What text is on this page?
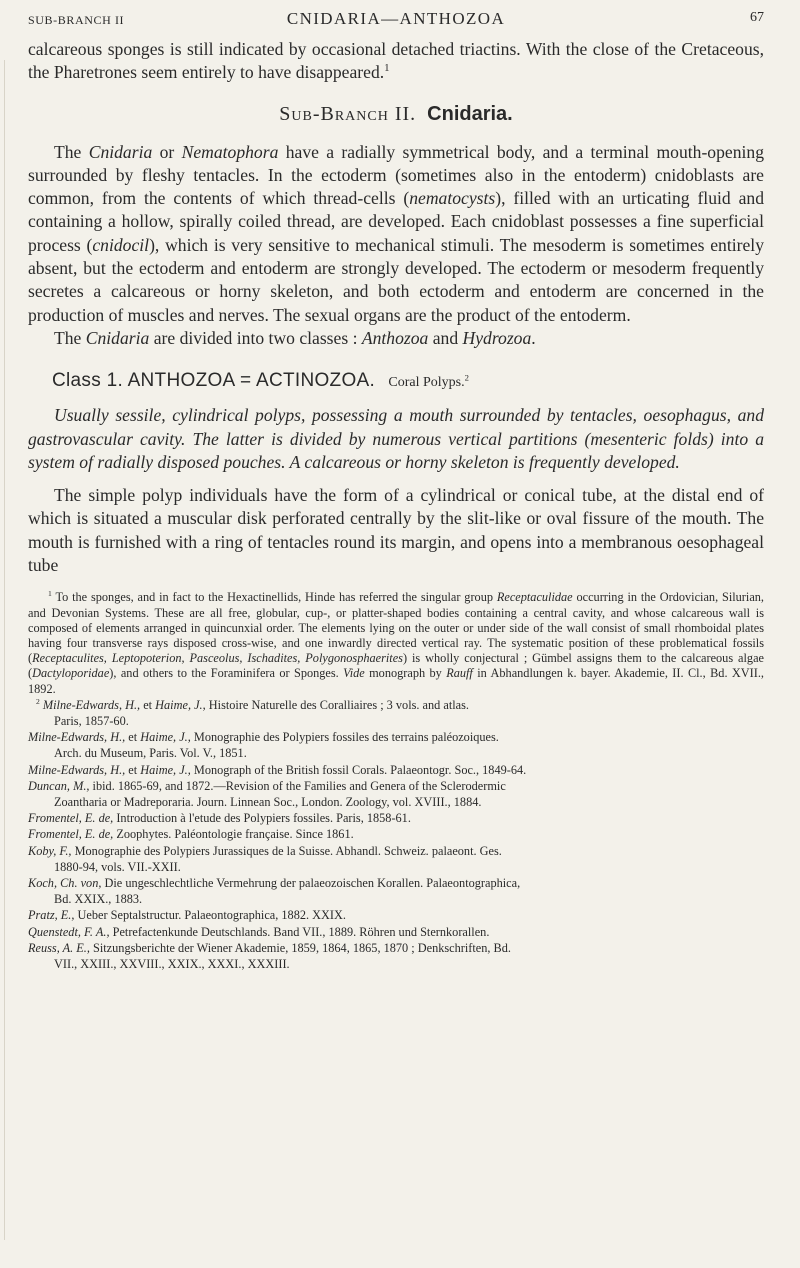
SUB-BRANCH II	CNIDARIA—ANTHOZOA	67

calcareous sponges is still indicated by occasional detached triactins. With the close of the Cretaceous, the Pharetrones seem entirely to have disappeared.$^1$

Sub-Branch II. Cnidaria.

The Cnidaria or Nematophora have a radially symmetrical body, and a terminal mouth-opening surrounded by fleshy tentacles. In the ectoderm (sometimes also in the entoderm) cnidoblasts are common, from the contents of which thread-cells (nematocysts), filled with an urticating fluid and containing a hollow, spirally coiled thread, are developed. Each cnidoblast possesses a fine superficial process (cnidocil), which is very sensitive to mechanical stimuli. The mesoderm is sometimes entirely absent, but the ectoderm and entoderm are strongly developed. The ectoderm or mesoderm frequently secretes a calcareous or horny skeleton, and both ectoderm and entoderm are concerned in the production of muscles and nerves. The sexual organs are the product of the entoderm.

The Cnidaria are divided into two classes : Anthozoa and Hydrozoa.

Class 1. ANTHOZOA = ACTINOZOA. Coral Polyps.$^2$

Usually sessile, cylindrical polyps, possessing a mouth surrounded by tentacles, oesophagus, and gastrovascular cavity. The latter is divided by numerous vertical partitions (mesenteric folds) into a system of radially disposed pouches. A calcareous or horny skeleton is frequently developed.

The simple polyp individuals have the form of a cylindrical or conical tube, at the distal end of which is situated a muscular disk perforated centrally by the slit-like or oval fissure of the mouth. The mouth is furnished with a ring of tentacles round its margin, and opens into a membranous oesophageal tube

$^1$ To the sponges, and in fact to the Hexactinellids, Hinde has referred the singular group Receptaculidae occurring in the Ordovician, Silurian, and Devonian Systems. These are all free, globular, cup-, or platter-shaped bodies containing a central cavity, and whose calcareous wall is composed of elements arranged in quincunxial order. The elements lying on the outer or under side of the wall consist of small rhomboidal plates having four transverse rays disposed cross-wise, and one inwardly directed vertical ray. The systematic position of these problematical fossils (Receptaculites, Leptopoterion, Pasceolus, Ischadites, Polygonosphaerites) is wholly conjectural ; Gümbel assigns them to the calcareous algae (Dactyloporidae), and others to the Foraminifera or Sponges. Vide monograph by Rauff in Abhandlungen k. bayer. Akademie, II. Cl., Bd. XVII., 1892.

$^2$ Milne-Edwards, H., et Haime, J., Histoire Naturelle des Coralliaires ; 3 vols. and atlas.

Paris, 1857-60.

Milne-Edwards, H., et Haime, J., Monographie des Polypiers fossiles des terrains paléozoiques.

Arch. du Museum, Paris. Vol. V., 1851.

Milne-Edwards, H., et Haime, J., Monograph of the British fossil Corals. Palaeontogr. Soc., 1849-64.

Duncan, M., ibid. 1865-69, and 1872.—Revision of the Families and Genera of the Sclerodermic

Zoantharia or Madreporaria. Journ. Linnean Soc., London. Zoology, vol. XVIII., 1884.

Fromentel, E. de, Introduction à l'etude des Polypiers fossiles. Paris, 1858-61.

Fromentel, E. de, Zoophytes. Paléontologie française. Since 1861.

Koby, F., Monographie des Polypiers Jurassiques de la Suisse. Abhandl. Schweiz. palaeont. Ges.

1880-94, vols. VII.-XXII.

Koch, Ch. von, Die ungeschlechtliche Vermehrung der palaeozoischen Korallen. Palaeontographica,

Bd. XXIX., 1883.

Pratz, E., Ueber Septalstructur. Palaeontographica, 1882. XXIX.

Quenstedt, F. A., Petrefactenkunde Deutschlands. Band VII., 1889. Röhren und Sternkorallen.

Reuss, A. E., Sitzungsberichte der Wiener Akademie, 1859, 1864, 1865, 1870 ; Denkschriften, Bd.

VII., XXIII., XXVIII., XXIX., XXXI., XXXIII.
